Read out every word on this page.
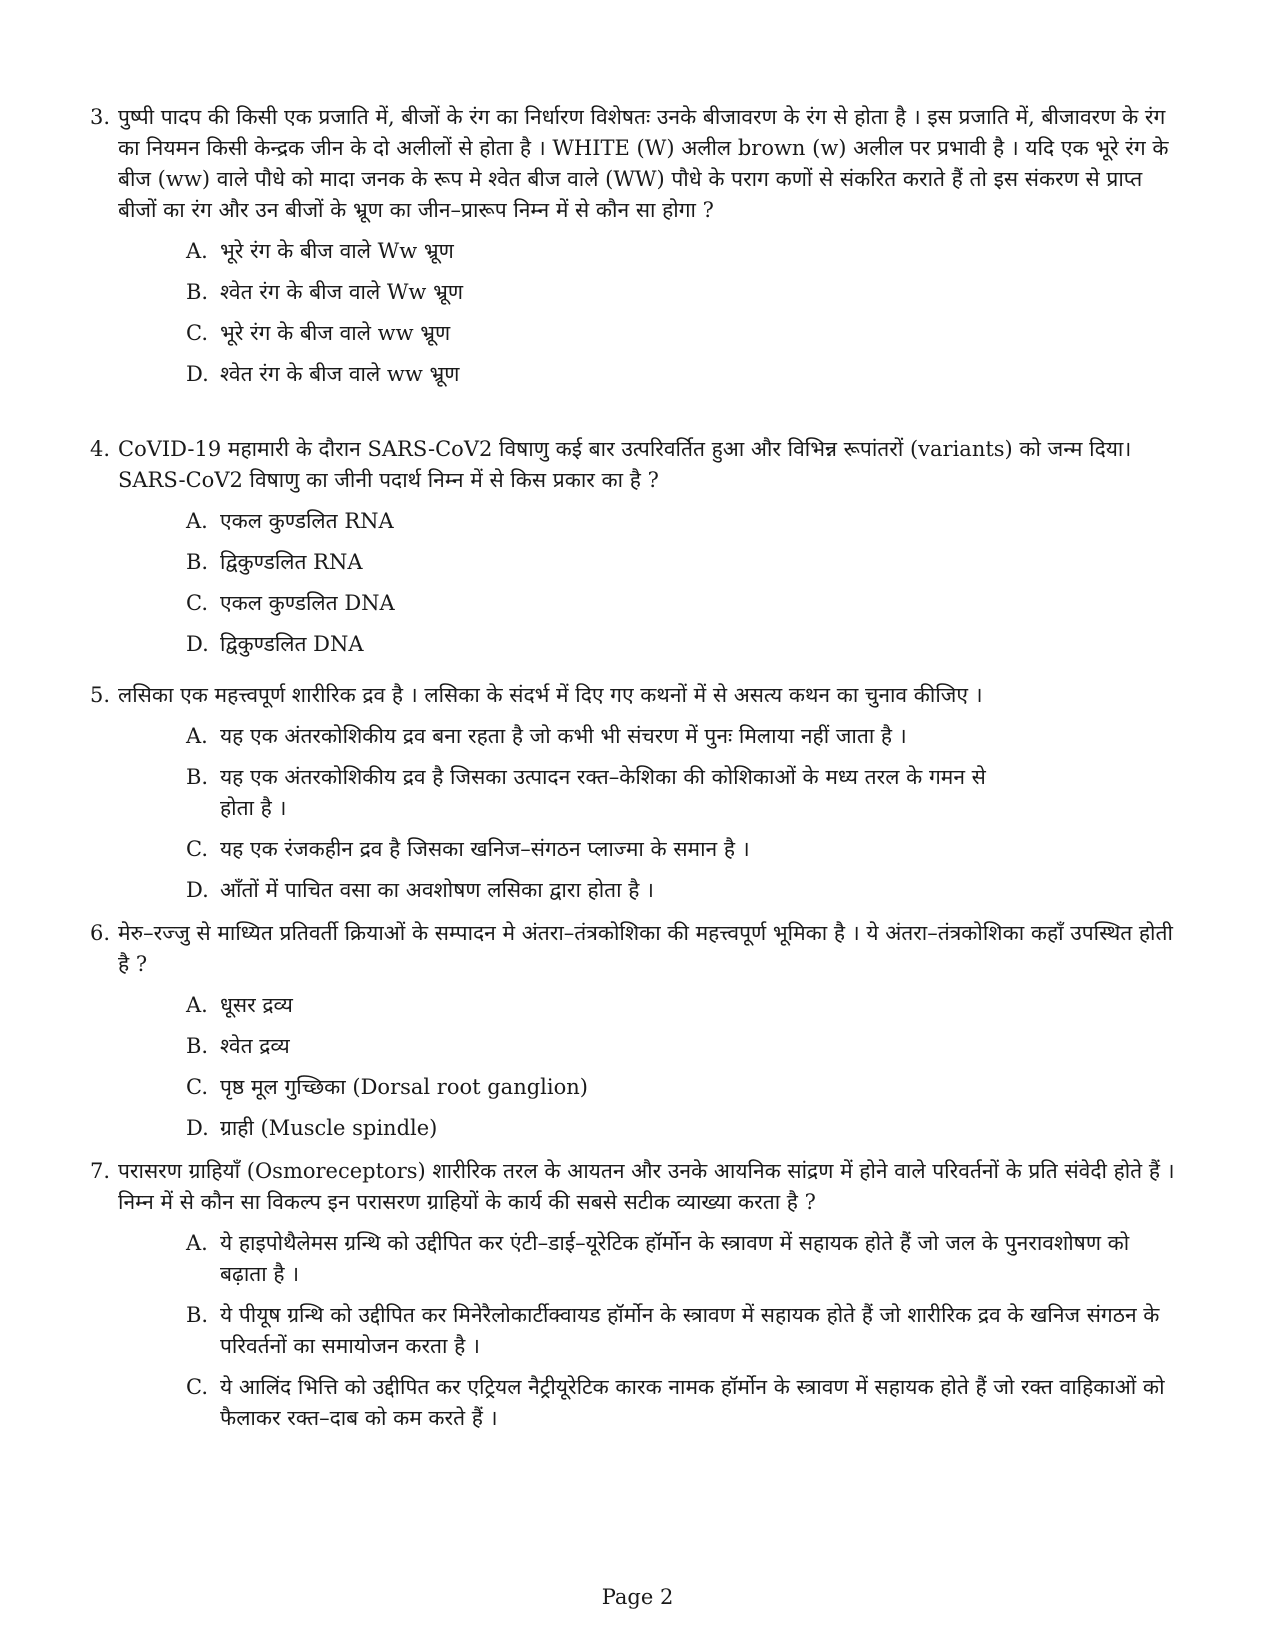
3. पुष्पी पादप की किसी एक प्रजाति में, बीजों के रंग का निर्धारण विशेषतः उनके बीजावरण के रंग से होता है । इस प्रजाति में, बीजावरण के रंग का नियमन किसी केन्द्रक जीन के दो अलीलों से होता है । WHITE (W) अलील brown (w) अलील पर प्रभावी है । यदि एक भूरे रंग के बीज (ww) वाले पौधे को मादा जनक के रूप मे श्वेत बीज वाले (WW) पौधे के पराग कणों से संकरित कराते हैं तो इस संकरण से प्राप्त बीजों का रंग और उन बीजों के भ्रूण का जीन–प्रारूप निम्न में से कौन सा होगा ?
A. भूरे रंग के बीज वाले Ww भ्रूण
B. श्वेत रंग के बीज वाले Ww भ्रूण
C. भूरे रंग के बीज वाले ww भ्रूण
D. श्वेत रंग के बीज वाले ww भ्रूण
4. CoVID-19 महामारी के दौरान SARS-CoV2 विषाणु कई बार उत्परिवर्तित हुआ और विभिन्न रूपांतरों (variants) को जन्म दिया। SARS-CoV2 विषाणु का जीनी पदार्थ निम्न में से किस प्रकार का है ?
A. एकल कुण्डलित RNA
B. द्विकुण्डलित RNA
C. एकल कुण्डलित DNA
D. द्विकुण्डलित DNA
5. लसिका एक महत्त्वपूर्ण शारीरिक द्रव है । लसिका के संदर्भ में दिए गए कथनों में से असत्य कथन का चुनाव कीजिए ।
A. यह एक अंतरकोशिकीय द्रव बना रहता है जो कभी भी संचरण में पुनः मिलाया नहीं जाता है ।
B. यह एक अंतरकोशिकीय द्रव है जिसका उत्पादन रक्त–केशिका की कोशिकाओं के मध्य तरल के गमन से होता है ।
C. यह एक रंजकहीन द्रव है जिसका खनिज–संगठन प्लाज्मा के समान है ।
D. आँतों में पाचित वसा का अवशोषण लसिका द्वारा होता है ।
6. मेरु–रज्जु से माध्यित प्रतिवर्ती क्रियाओं के सम्पादन मे अंतरा–तंत्रकोशिका की महत्त्वपूर्ण भूमिका है । ये अंतरा–तंत्रकोशिका कहाँ उपस्थित होती है ?
A. धूसर द्रव्य
B. श्वेत द्रव्य
C. पृष्ठ मूल गुच्छिका (Dorsal root ganglion)
D. ग्राही (Muscle spindle)
7. परासरण ग्राहियाँ (Osmoreceptors) शारीरिक तरल के आयतन और उनके आयनिक सांद्रण में होने वाले परिवर्तनों के प्रति संवेदी होते हैं । निम्न में से कौन सा विकल्प इन परासरण ग्राहियों के कार्य की सबसे सटीक व्याख्या करता है ?
A. ये हाइपोथैलेमस ग्रन्थि को उद्दीपित कर एंटी–डाई–यूरेटिक हॉर्मोन के स्त्रावण में सहायक होते हैं जो जल के पुनरावशोषण को बढ़ाता है ।
B. ये पीयूष ग्रन्थि को उद्दीपित कर मिनेरैलोकार्टीक्वायड हॉर्मोन के स्त्रावण में सहायक होते हैं जो शारीरिक द्रव के खनिज संगठन के परिवर्तनों का समायोजन करता है ।
C. ये आलिंद भित्ति को उद्दीपित कर एट्रियल नैट्रीयूरेटिक कारक नामक हॉर्मोन के स्त्रावण में सहायक होते हैं जो रक्त वाहिकाओं को फैलाकर रक्त–दाब को कम करते हैं ।
Page 2
